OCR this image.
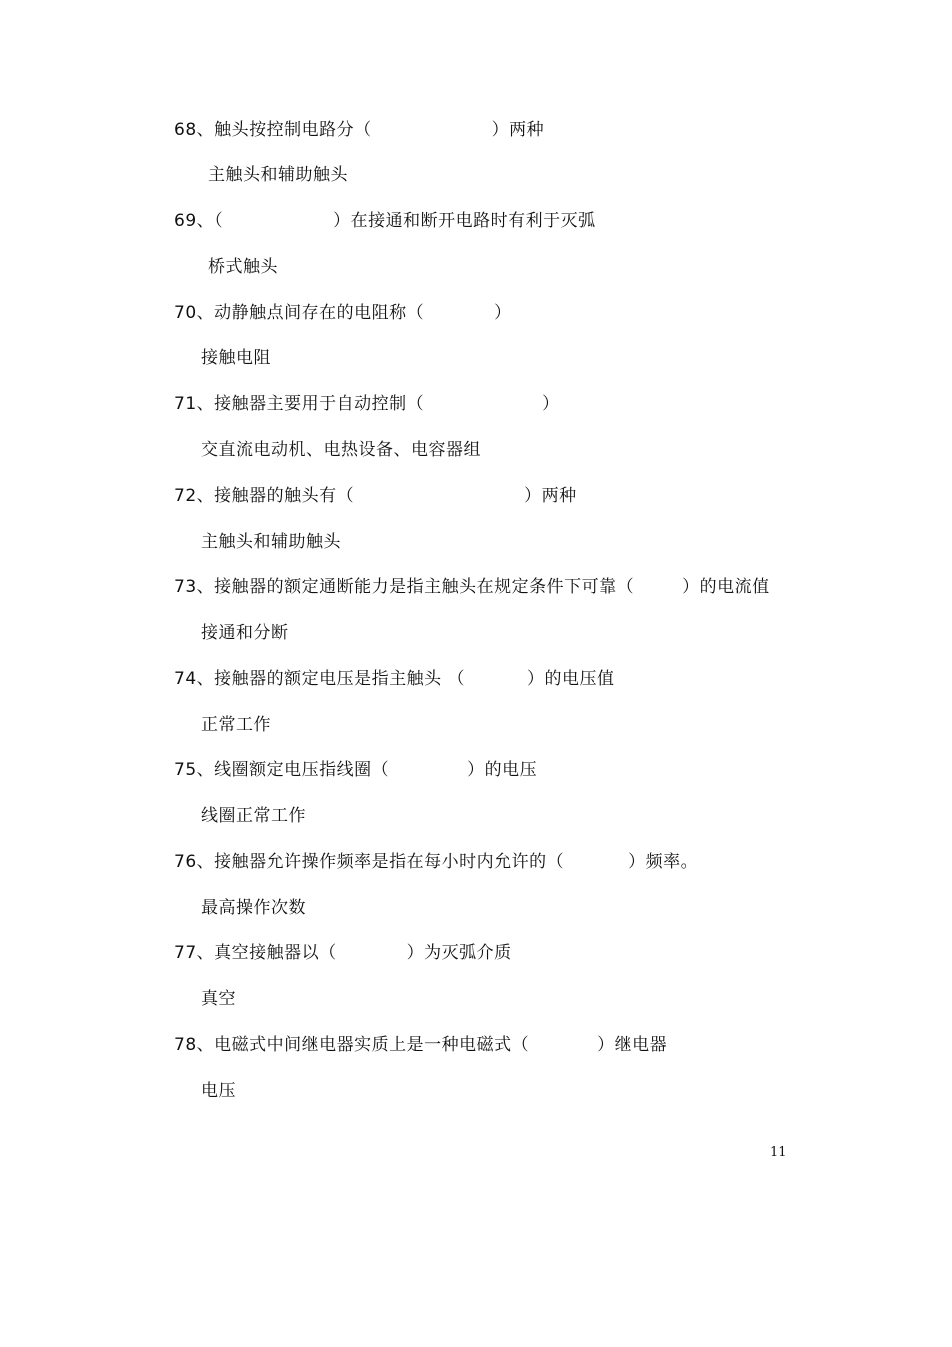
68、触头按控制电路分（	）两种
主触头和辅助触头
69、（	）在接通和断开电路时有利于灭弧
桥式触头
70、动静触点间存在的电阻称（	）
接触电阻
71、接触器主要用于自动控制（	）
交直流电动机、电热设备、电容器组
72、接触器的触头有（	）两种
主触头和辅助触头
73、接触器的额定通断能力是指主触头在规定条件下可靠（	）的电流值
接通和分断
74、接触器的额定电压是指主触头 （	）的电压值
正常工作
75、线圈额定电压指线圈（	）的电压
线圈正常工作
76、接触器允许操作频率是指在每小时内允许的（	）频率。
最高操作次数
77、真空接触器以（	）为灭弧介质
真空
78、电磁式中间继电器实质上是一种电磁式（	）继电器
电压
11
